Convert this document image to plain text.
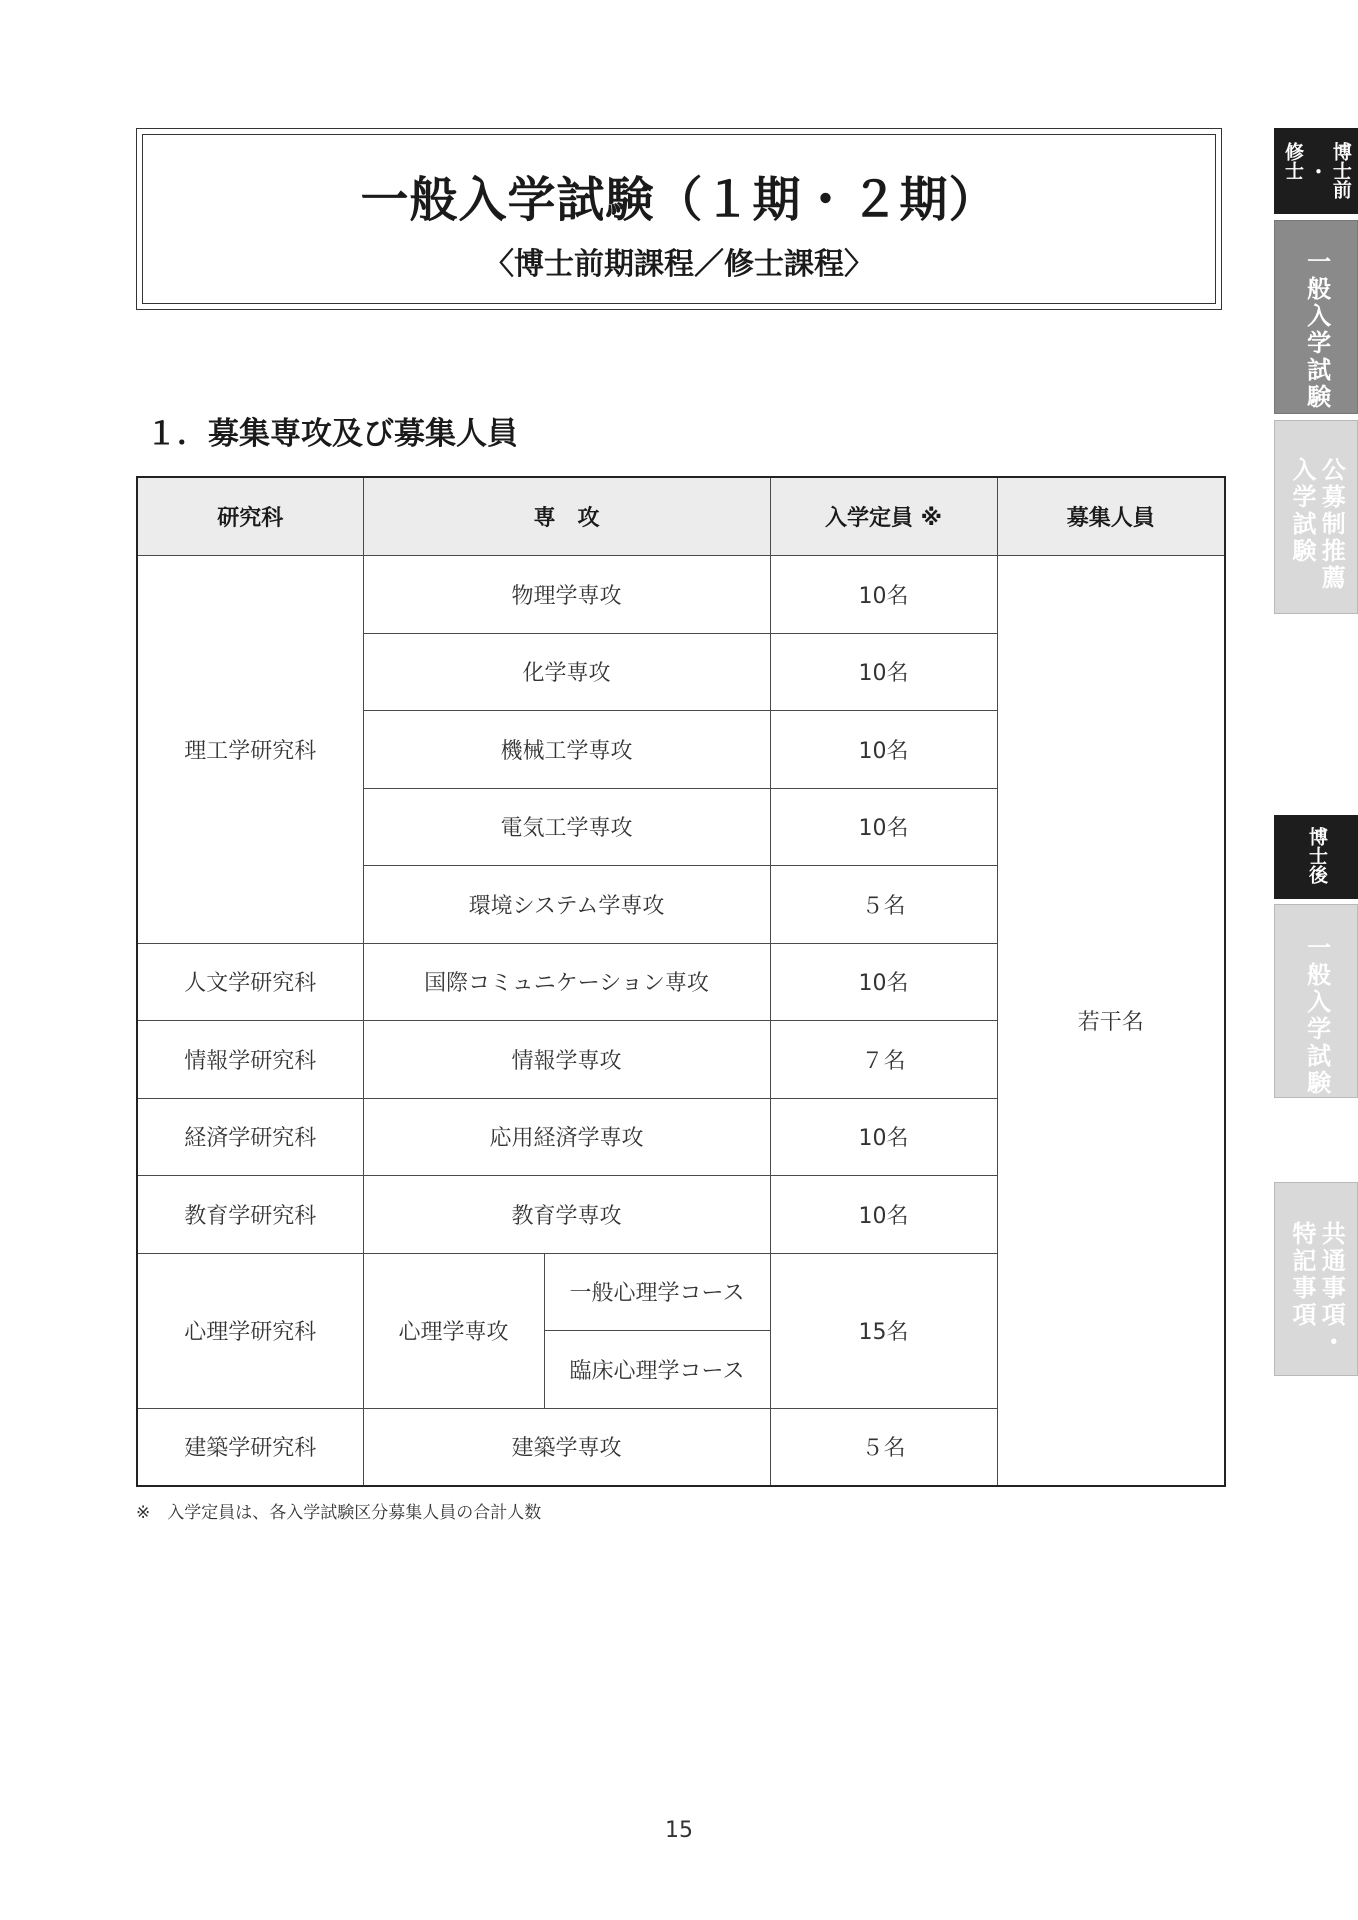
一般入学試験（１期・２期）
〈博士前期課程／修士課程〉
１．募集専攻及び募集人員
研究科	専　攻		入学定員 ※	募集人員
理工学研究科	物理学専攻		10名	若干名
	化学専攻		10名	
	機械工学専攻		10名	
	電気工学専攻		10名	
	環境システム学専攻		５名	
人文学研究科	国際コミュニケーション専攻		10名	
情報学研究科	情報学専攻		７名	
経済学研究科	応用経済学専攻		10名	
教育学研究科	教育学専攻		10名	
心理学研究科	心理学専攻	一般心理学コース	15名	
		臨床心理学コース		
建築学研究科	建築学専攻		５名	
※　入学定員は、各入学試験区分募集人員の合計人数
15
博士前
・
修士
一般入学試験
公募制推薦
入学試験
博士後
一般入学試験
共通事項・
特記事項
